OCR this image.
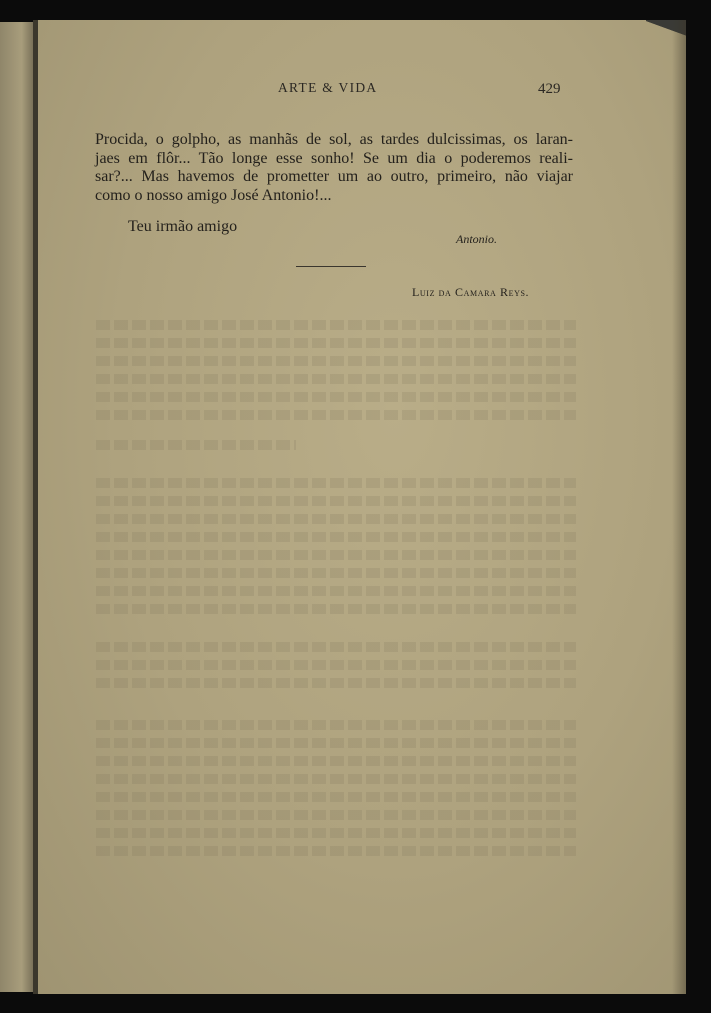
ARTE & VIDA	429
Procida, o golpho, as manhãs de sol, as tardes dulcissimas, os laran-
jaes em flôr... Tão longe esse sonho! Se um dia o poderemos reali-
sar?... Mas havemos de prometter um ao outro, primeiro, não viajar
como o nosso amigo José Antonio!...
Teu irmão amigo
Antonio.
Luiz da Camara Reys.
